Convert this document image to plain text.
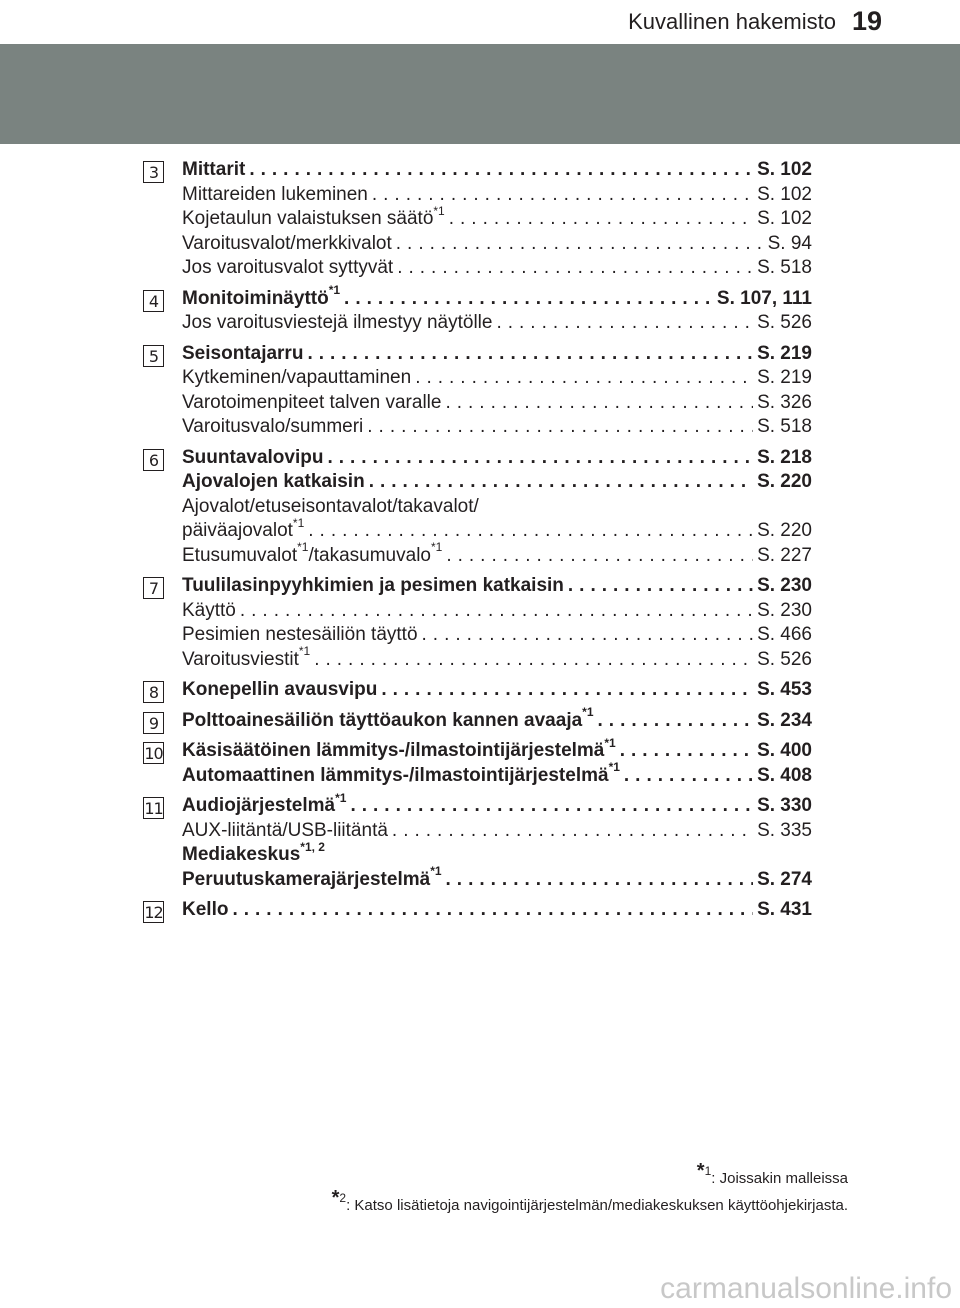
Kuvallinen hakemisto 19
3	Mittarit .....	S. 102
Mittareiden lukeminen .....	S. 102
Kojetaulun valaistuksen säätö$^{*1}$ .....	S. 102
Varoitusvalot/merkkivalot .....	S. 94
Jos varoitusvalot syttyvät .....	S. 518
4	Monitoiminäyttö$^{*1}$ .....	S. 107, 111
Jos varoitusviestejä ilmestyy näytölle .....	S. 526
5	Seisontajarru .....	S. 219
Kytkeminen/vapauttaminen .....	S. 219
Varotoimenpiteet talven varalle .....	S. 326
Varoitusvalo/summeri .....	S. 518
6	Suuntavalovipu .....	S. 218
Ajovalojen katkaisin .....	S. 220
Ajovalot/etuseisontavalot/takavalot/
päiväajovalot$^{*1}$ .....	S. 220
Etusumuvalot$^{*1}$/takasumuvalo$^{*1}$ .....	S. 227
7	Tuulilasinpyyhkimien ja pesimen katkaisin .....	S. 230
Käyttö .....	S. 230
Pesimien nestesäiliön täyttö .....	S. 466
Varoitusviestit$^{*1}$ .....	S. 526
8	Konepellin avausvipu .....	S. 453
9	Polttoainesäiliön täyttöaukon kannen avaaja$^{*1}$ .....	S. 234
10 Käsisäätöinen lämmitys-/ilmastointijärjestelmä$^{*1}$ .....	S. 400
Automaattinen lämmitys-/ilmastointijärjestelmä$^{*1}$ .....	S. 408
11 Audiojärjestelmä$^{*1}$ .....	S. 330
AUX-liitäntä/USB-liitäntä .....	S. 335
Mediakeskus$^{*1, 2}$
Peruutuskamerajärjestelmä$^{*1}$ .....	S. 274
12 Kello .....	S. 431
*$^1$: Joissakin malleissa
*$^2$: Katso lisätietoja navigointijärjestelmän/mediakeskuksen käyttöohjekirjasta.
carmanualsonline.info
